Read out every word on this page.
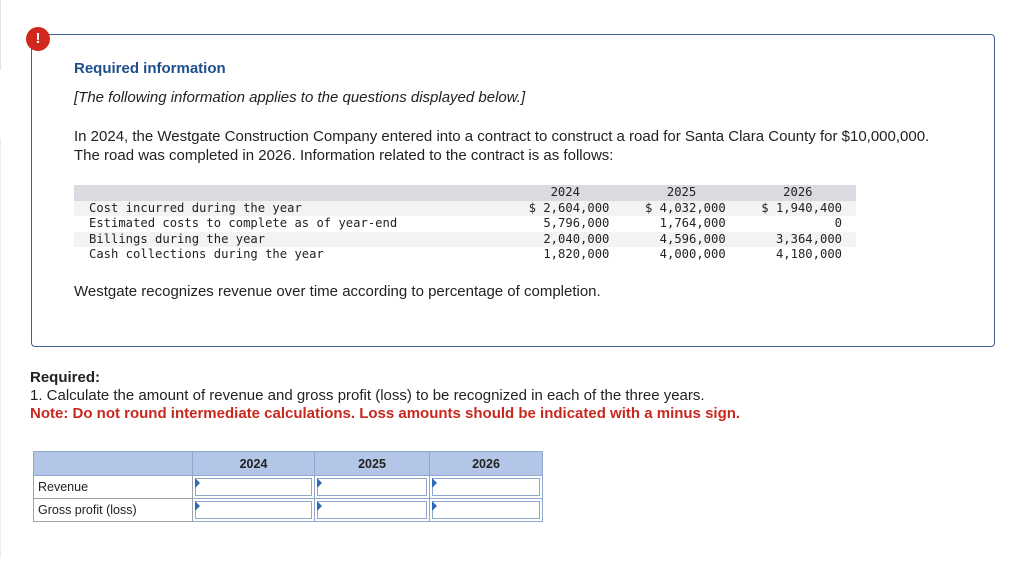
!
Required information
[The following information applies to the questions displayed below.]
In 2024, the Westgate Construction Company entered into a contract to construct a road for Santa Clara County for $10,000,000. The road was completed in 2026. Information related to the contract is as follows:
	2024	2025	2026
Cost incurred during the year	$ 2,604,000	$ 4,032,000	$ 1,940,400
Estimated costs to complete as of year-end	5,796,000	1,764,000	0
Billings during the year	2,040,000	4,596,000	3,364,000
Cash collections during the year	1,820,000	4,000,000	4,180,000
Westgate recognizes revenue over time according to percentage of completion.
Required:
1. Calculate the amount of revenue and gross profit (loss) to be recognized in each of the three years.
Note: Do not round intermediate calculations. Loss amounts should be indicated with a minus sign.
	2024	2025	2026
Revenue	

Gross profit (loss)	
